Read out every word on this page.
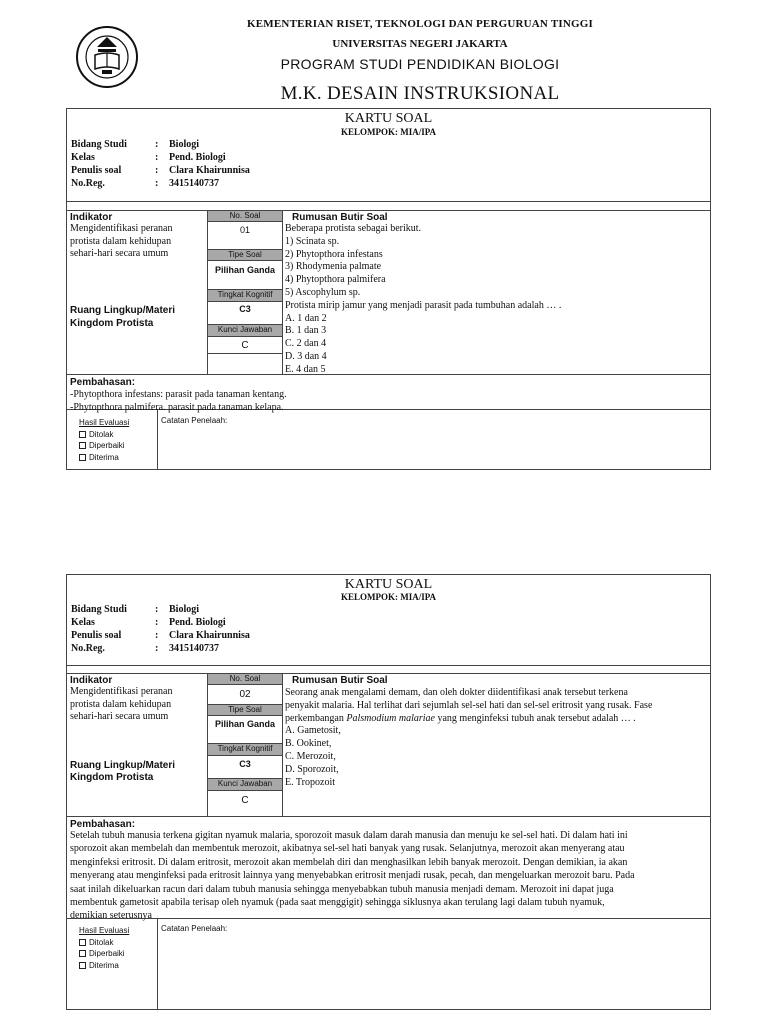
KEMENTERIAN RISET, TEKNOLOGI DAN PERGURUAN TINGGI
UNIVERSITAS NEGERI JAKARTA
PROGRAM STUDI PENDIDIKAN BIOLOGI
M.K. DESAIN INSTRUKSIONAL
KARTU SOAL
KELOMPOK: MIA/IPA
Bidang Studi	:	Biologi
Kelas	:	Pend. Biologi
Penulis soal	:	Clara Khairunnisa
No.Reg.	:	3415140737
Indikator
Mengidentifikasi peranan
protista dalam kehidupan
sehari-hari secara umum
Ruang Lingkup/Materi
Kingdom Protista
No. Soal
01
Tipe Soal
Pilihan Ganda
Tingkat Kognitif
C3
Kunci Jawaban
C
Rumusan Butir Soal
Beberapa protista sebagai berikut.
1) Scinata sp.
2) Phytopthora infestans
3) Rhodymenia palmate
4) Phytopthora palmifera
5) Ascophylum sp.
Protista mirip jamur yang menjadi parasit pada tumbuhan adalah … .
A. 1 dan 2
B. 1 dan 3
C. 2 dan 4
D. 3 dan 4
E. 4 dan 5
Pembahasan:
-Phytopthora infestans: parasit pada tanaman kentang.
-Phytopthora palmifera. parasit pada tanaman kelapa.
Hasil Evaluasi
Ditolak
Diperbaiki
Diterima
Catatan Penelaah:
KARTU SOAL
KELOMPOK: MIA/IPA
Bidang Studi	:	Biologi
Kelas	:	Pend. Biologi
Penulis soal	:	Clara Khairunnisa
No.Reg.	:	3415140737
Indikator
Mengidentifikasi peranan
protista dalam kehidupan
sehari-hari secara umum
Ruang Lingkup/Materi
Kingdom Protista
No. Soal
02
Tipe Soal
Pilihan Ganda
Tingkat Kognitif
C3
Kunci Jawaban
C
Rumusan Butir Soal
Seorang anak mengalami demam, dan oleh dokter diidentifikasi anak tersebut terkena
penyakit malaria. Hal terlihat dari sejumlah sel-sel hati dan sel-sel eritrosit yang rusak. Fase
perkembangan Palsmodium malariae yang menginfeksi tubuh anak tersebut adalah … .
A. Gametosit,
B. Ookinet,
C. Merozoit,
D. Sporozoit,
E. Tropozoit
Pembahasan:
Setelah tubuh manusia terkena gigitan nyamuk malaria, sporozoit masuk dalam darah manusia dan menuju ke sel-sel hati. Di dalam hati ini
sporozoit akan membelah dan membentuk merozoit, akibatnya sel-sel hati banyak yang rusak. Selanjutnya, merozoit akan menyerang atau
menginfeksi eritrosit. Di dalam eritrosit, merozoit akan membelah diri dan menghasilkan lebih banyak merozoit. Dengan demikian, ia akan
menyerang atau menginfeksi pada eritrosit lainnya yang menyebabkan eritrosit menjadi rusak, pecah, dan mengeluarkan merozoit baru. Pada
saat inilah dikeluarkan racun dari dalam tubuh manusia sehingga menyebabkan tubuh manusia menjadi demam. Merozoit ini dapat juga
membentuk gametosit apabila terisap oleh nyamuk (pada saat menggigit) sehingga siklusnya akan terulang lagi dalam tubuh nyamuk,
demikian seterusnya
Hasil Evaluasi
Ditolak
Diperbaiki
Diterima
Catatan Penelaah:
